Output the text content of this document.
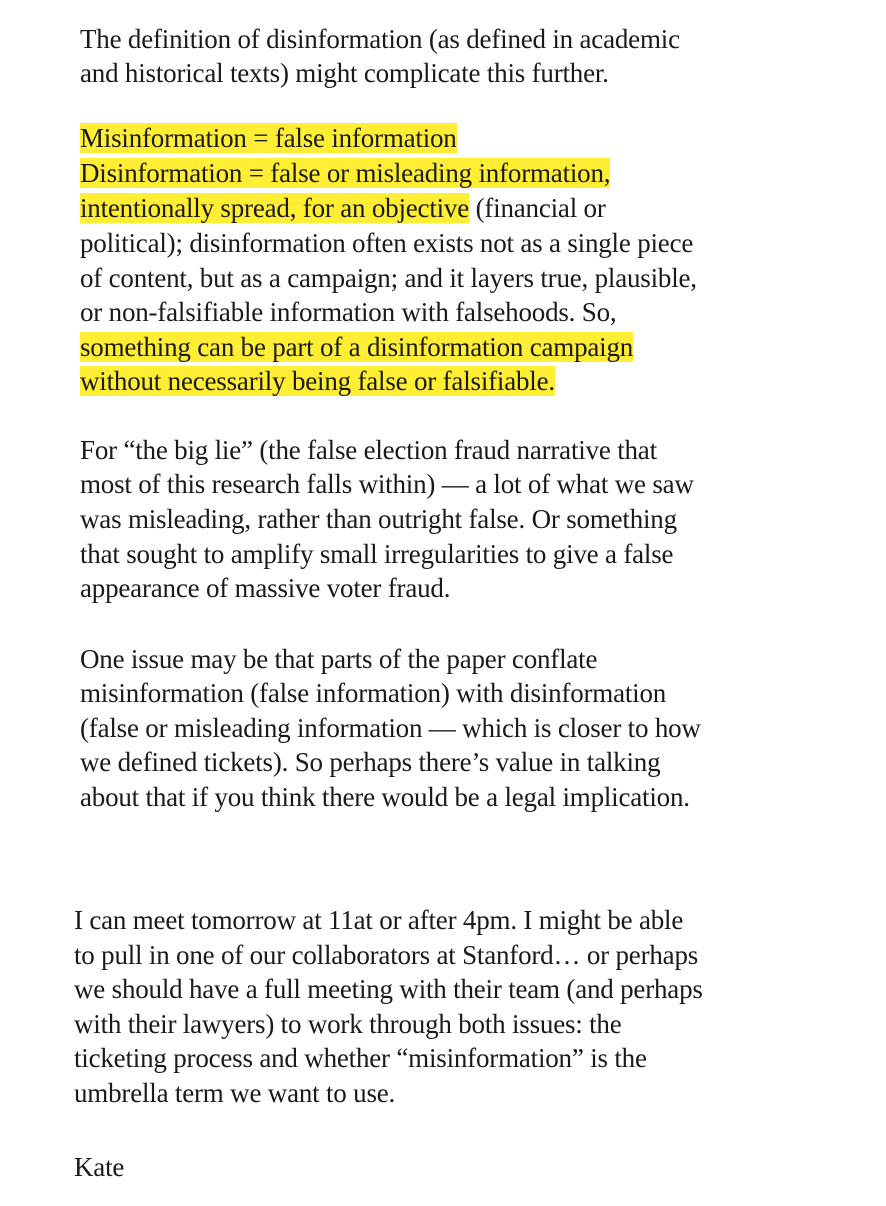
The definition of disinformation (as defined in academic
and historical texts) might complicate this further.
Misinformation = false information
Disinformation = false or misleading information,
intentionally spread, for an objective (financial or
political); disinformation often exists not as a single piece
of content, but as a campaign; and it layers true, plausible,
or non-falsifiable information with falsehoods. So,
something can be part of a disinformation campaign
without necessarily being false or falsifiable.
For “the big lie” (the false election fraud narrative that
most of this research falls within) — a lot of what we saw
was misleading, rather than outright false. Or something
that sought to amplify small irregularities to give a false
appearance of massive voter fraud.
One issue may be that parts of the paper conflate
misinformation (false information) with disinformation
(false or misleading information — which is closer to how
we defined tickets). So perhaps there’s value in talking
about that if you think there would be a legal implication.
I can meet tomorrow at 11at or after 4pm. I might be able
to pull in one of our collaborators at Stanford… or perhaps
we should have a full meeting with their team (and perhaps
with their lawyers) to work through both issues: the
ticketing process and whether “misinformation” is the
umbrella term we want to use.
Kate
